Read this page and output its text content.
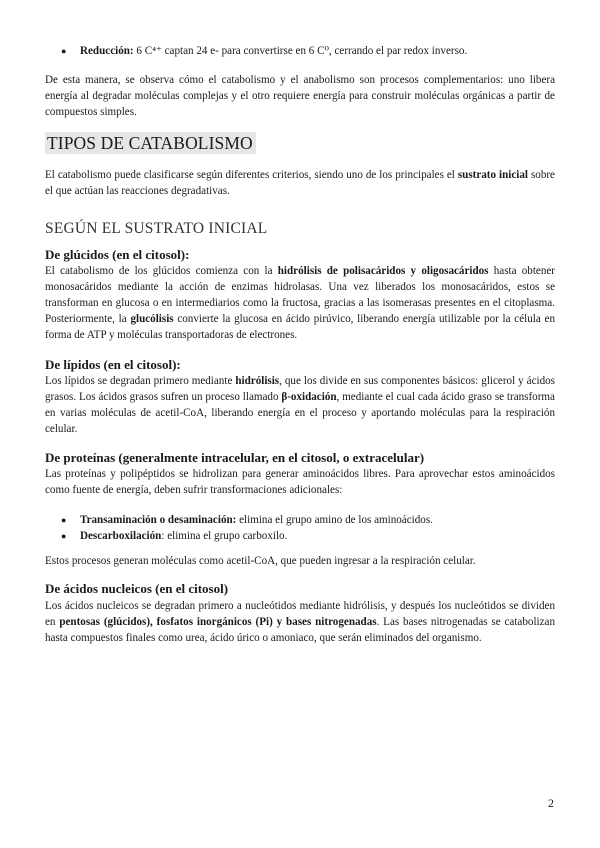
● Reducción: 6 C⁴⁺ captan 24 e- para convertirse en 6 C⁰, cerrando el par redox inverso.

De esta manera, se observa cómo el catabolismo y el anabolismo son procesos complementarios: uno libera energía al degradar moléculas complejas y el otro requiere energía para construir moléculas orgánicas a partir de compuestos simples.

TIPOS DE CATABOLISMO

El catabolismo puede clasificarse según diferentes criterios, siendo uno de los principales el sustrato inicial sobre el que actúan las reacciones degradativas.

SEGÚN EL SUSTRATO INICIAL
De glúcidos (en el citosol):

El catabolismo de los glúcidos comienza con la hidrólisis de polisacáridos y oligosacáridos hasta obtener monosacáridos mediante la acción de enzimas hidrolasas. Una vez liberados los monosacáridos, estos se transforman en glucosa o en intermediarios como la fructosa, gracias a las isomerasas presentes en el citoplasma. Posteriormente, la glucólisis convierte la glucosa en ácido pirúvico, liberando energía utilizable por la célula en forma de ATP y moléculas transportadoras de electrones.

De lípidos (en el citosol):

Los lípidos se degradan primero mediante hidrólisis, que los divide en sus componentes básicos: glicerol y ácidos grasos. Los ácidos grasos sufren un proceso llamado β-oxidación, mediante el cual cada ácido graso se transforma en varias moléculas de acetil-CoA, liberando energía en el proceso y aportando moléculas para la respiración celular.

De proteínas (generalmente intracelular, en el citosol, o extracelular)

Las proteínas y polipéptidos se hidrolizan para generar aminoácidos libres. Para aprovechar estos aminoácidos como fuente de energía, deben sufrir transformaciones adicionales:

● Transaminación o desaminación: elimina el grupo amino de los aminoácidos.

● Descarboxilación: elimina el grupo carboxilo.

Estos procesos generan moléculas como acetil-CoA, que pueden ingresar a la respiración celular.

De ácidos nucleicos (en el citosol)

Los ácidos nucleicos se degradan primero a nucleótidos mediante hidrólisis, y después los nucleótidos se dividen en pentosas (glúcidos), fosfatos inorgánicos (Pi) y bases nitrogenadas. Las bases nitrogenadas se catabolizan hasta compuestos finales como urea, ácido úrico o amoniaco, que serán eliminados del organismo.

2
